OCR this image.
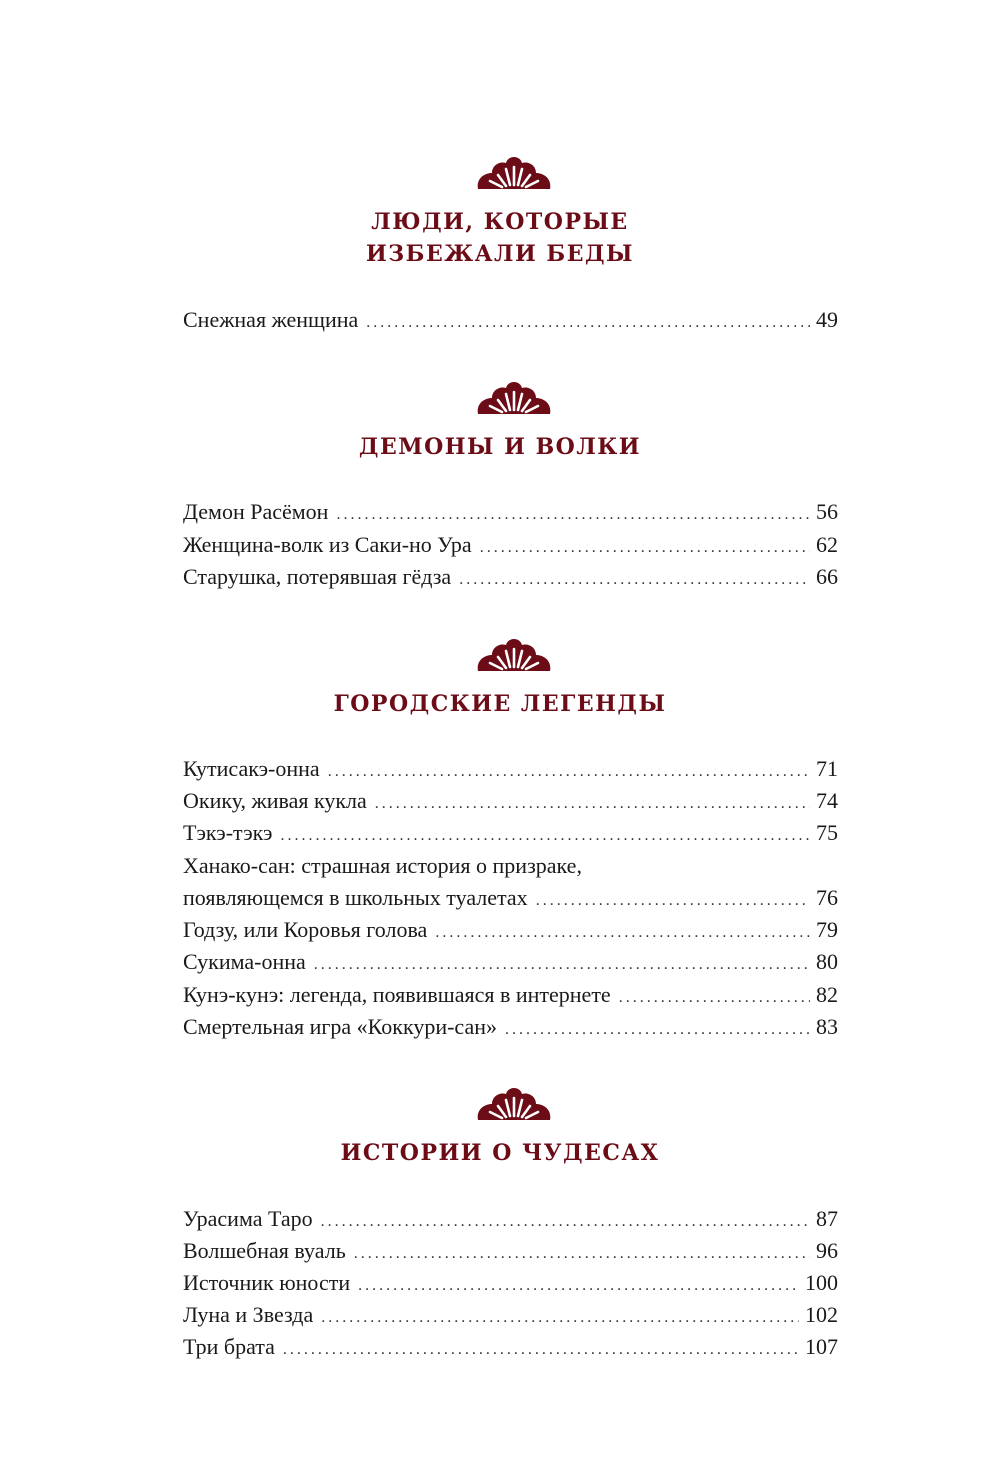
ЛЮДИ, КОТОРЫЕ
ИЗБЕЖАЛИ БЕДЫ
Снежная женщина . . .	49
ДЕМОНЫ И ВОЛКИ
Демон Расёмон . . .	56
Женщина-волк из Саки-но Ура . . .	62
Старушка, потерявшая гёдза . . .	66
ГОРОДСКИЕ ЛЕГЕНДЫ
Кутисакэ-онна . . .	71
Окику, живая кукла . . .	74
Тэкэ-тэкэ . . .	75
Ханако-сан: страшная история о призраке,
появляющемся в школьных туалетах . . .	76
Годзу, или Коровья голова . . .	79
Сукима-онна . . .	80
Кунэ-кунэ: легенда, появившаяся в интернете . . .	82
Смертельная игра «Коккури-сан» . . .	83
ИСТОРИИ О ЧУДЕСАХ
Урасима Таро . . .	87
Волшебная вуаль . . .	96
Источник юности . . .	100
Луна и Звезда . . .	102
Три брата . . .	107
